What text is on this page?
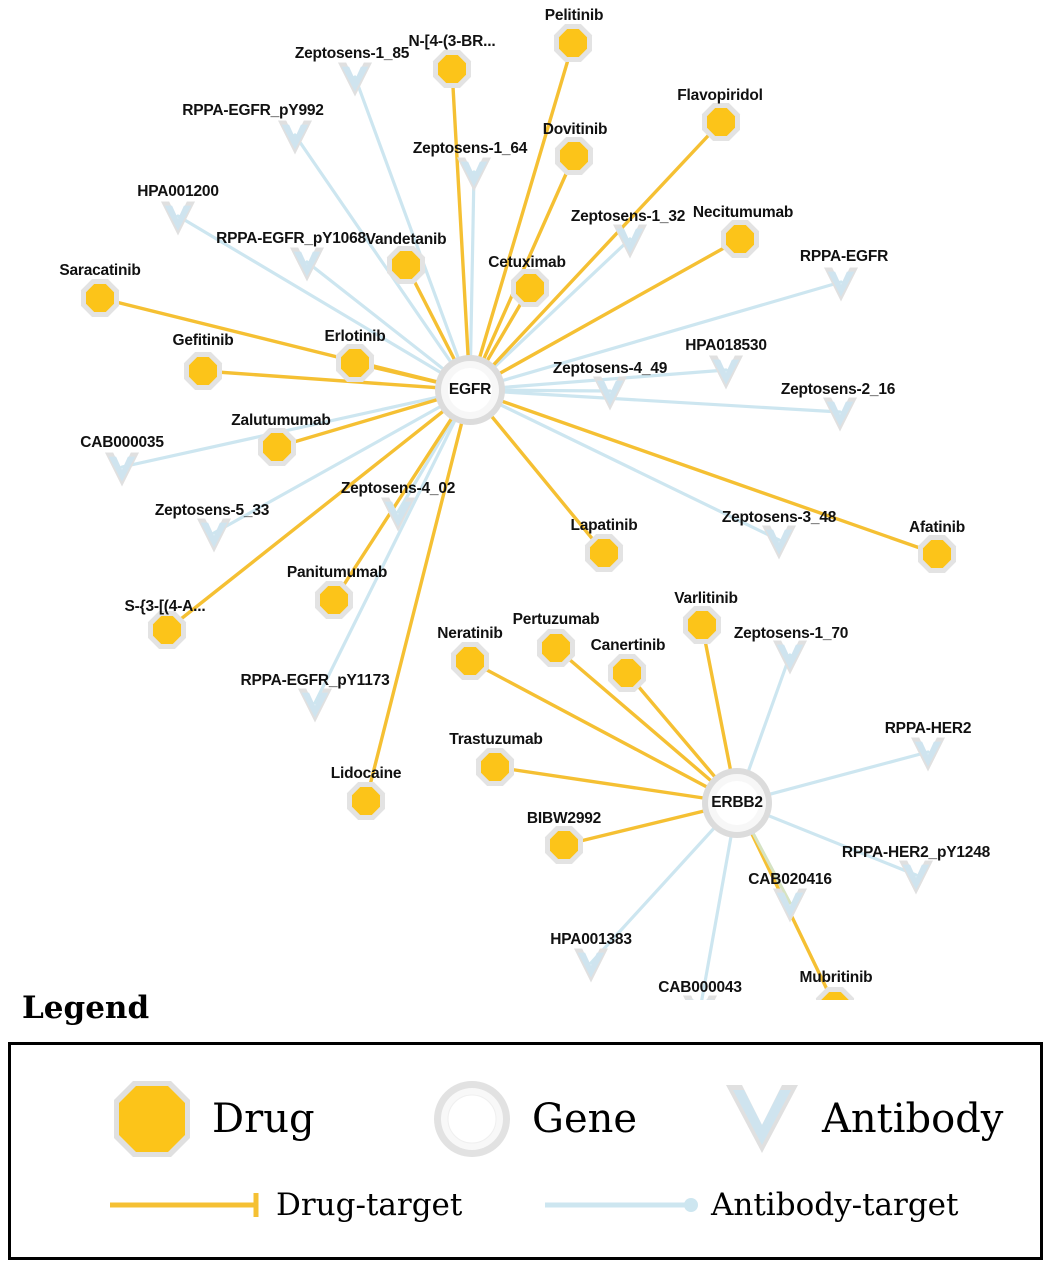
Zeptosens-1_85
RPPA-EGFR_pY992
Zeptosens-1_64
HPA001200
Zeptosens-1_32
RPPA-EGFR_pY1068
RPPA-EGFR
HPA018530
Zeptosens-4_49
Zeptosens-2_16
CAB000035
Zeptosens-4_02
Zeptosens-5_33	Zeptosens-3_48
Zeptosens-1_70
RPPA-EGFR_pY1173
RPPA-HER2
RPPA-HER2_pY1248
CAB020416
HPA001383
CAB000043
Pelitinib
N-[4-(3-BR...
Flavopiridol
Dovitinib
Necitumumab
Vandetanib
Cetuximab
Saracatinib
Erlotinib
Gefitinib
Zalutumumab
Afatinib
Lapatinib
Panitumumab
S-{3-[(4-A...	Varlitinib
Neratinib
Pertuzumab
Canertinib
Trastuzumab
Lidocaine
BIBW2992
Mubritinib
EGFR
ERBB2
Legend
Drug	Gene	Antibody
Drug-target	Antibody-target
